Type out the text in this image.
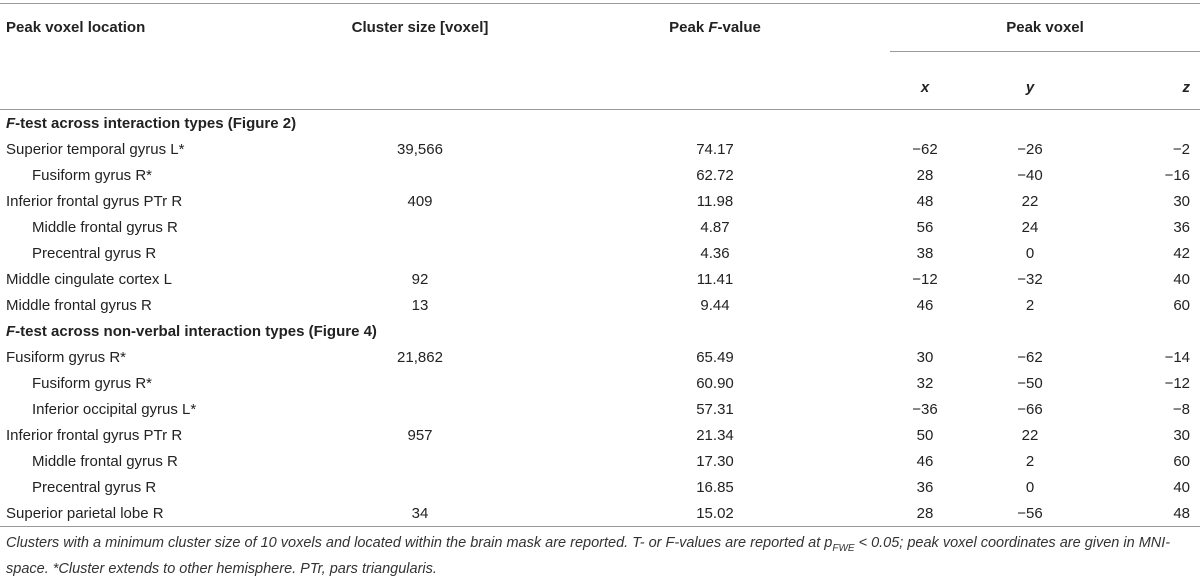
Peak voxel location	Cluster size [voxel]	Peak F-value	Peak voxel		

			x	y	z
F-test across interaction types (Figure 2)					
Superior temporal gyrus L*	39,566	74.17	−62	−26	−2
Fusiform gyrus R*		62.72	28	−40	−16
Inferior frontal gyrus PTr R	409	11.98	48	22	30
Middle frontal gyrus R		4.87	56	24	36
Precentral gyrus R		4.36	38	0	42
Middle cingulate cortex L	92	11.41	−12	−32	40
Middle frontal gyrus R	13	9.44	46	2	60
F-test across non-verbal interaction types (Figure 4)					
Fusiform gyrus R*	21,862	65.49	30	−62	−14
Fusiform gyrus R*		60.90	32	−50	−12
Inferior occipital gyrus L*		57.31	−36	−66	−8
Inferior frontal gyrus PTr R	957	21.34	50	22	30
Middle frontal gyrus R		17.30	46	2	60
Precentral gyrus R		16.85	36	0	40
Superior parietal lobe R	34	15.02	28	−56	48
Clusters with a minimum cluster size of 10 voxels and located within the brain mask are reported. T- or F-values are reported at $p_{FWE} < 0.05$; peak voxel coordinates are given in MNI-space. *Cluster extends to other hemisphere. PTr, pars triangularis.
